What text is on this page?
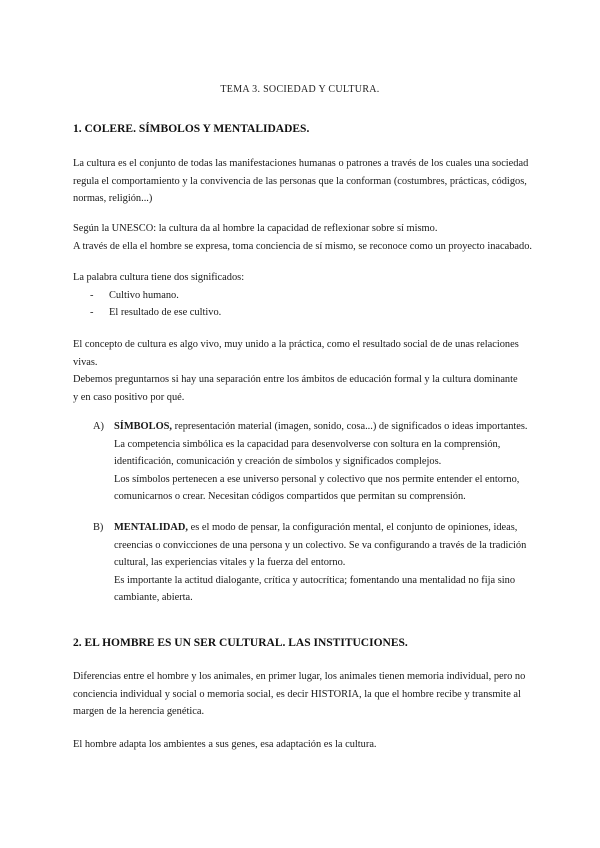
TEMA 3. SOCIEDAD Y CULTURA.
1. COLERE. SÍMBOLOS Y MENTALIDADES.
La cultura es el conjunto de todas las manifestaciones humanas o patrones a través de los cuales una sociedad
regula el comportamiento y la convivencia de las personas que la conforman (costumbres, prácticas, códigos,
normas, religión...)
Según la UNESCO: la cultura da al hombre la capacidad de reflexionar sobre sí mismo.
A través de ella el hombre se expresa, toma conciencia de sí mismo, se reconoce como un proyecto inacabado.
La palabra cultura tiene dos significados:
- Cultivo humano.
- El resultado de ese cultivo.
El concepto de cultura es algo vivo, muy unido a la práctica, como el resultado social de de unas relaciones
vivas.
Debemos preguntarnos si hay una separación entre los ámbitos de educación formal y la cultura dominante
y en caso positivo por qué.
A) SÍMBOLOS, representación material (imagen, sonido, cosa...) de significados o ideas importantes.
La competencia simbólica es la capacidad para desenvolverse con soltura en la comprensión,
identificación, comunicación y creación de símbolos y significados complejos.
Los símbolos pertenecen a ese universo personal y colectivo que nos permite entender el entorno,
comunicarnos o crear. Necesitan códigos compartidos que permitan su comprensión.
B) MENTALIDAD, es el modo de pensar, la configuración mental, el conjunto de opiniones, ideas,
creencias o convicciones de una persona y un colectivo. Se va configurando a través de la tradición
cultural, las experiencias vitales y la fuerza del entorno.
Es importante la actitud dialogante, crítica y autocrítica; fomentando una mentalidad no fija sino
cambiante, abierta.
2. EL HOMBRE ES UN SER CULTURAL. LAS INSTITUCIONES.
Diferencias entre el hombre y los animales, en primer lugar, los animales tienen memoria individual, pero no
conciencia individual y social o memoria social, es decir HISTORIA, la que el hombre recibe y transmite al
margen de la herencia genética.
El hombre adapta los ambientes a sus genes, esa adaptación es la cultura.
